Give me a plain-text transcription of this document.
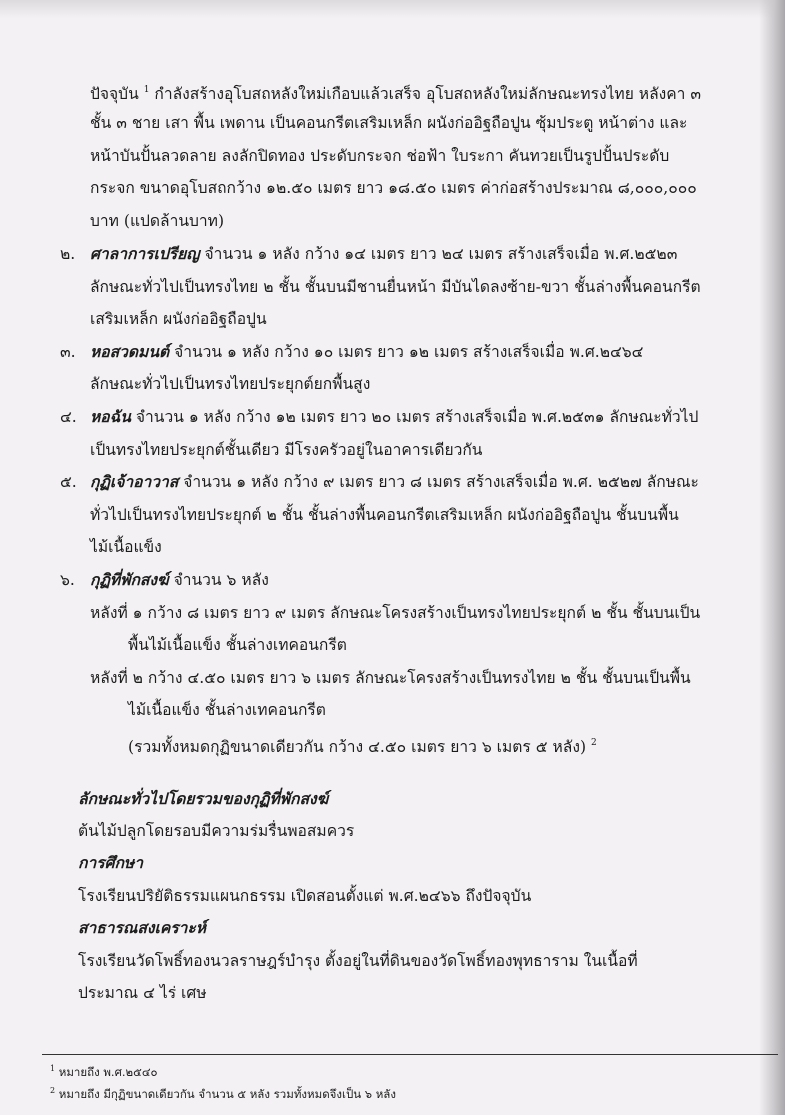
ปัจจุบัน $^1$ กำลังสร้างอุโบสถหลังใหม่เกือบแล้วเสร็จ อุโบสถหลังใหม่ลักษณะทรงไทย หลังคา ๓
ชั้น ๓ ชาย เสา พื้น เพดาน เป็นคอนกรีตเสริมเหล็ก ผนังก่ออิฐถือปูน ซุ้มประตู หน้าต่าง และ
หน้าบันปั้นลวดลาย ลงลักปิดทอง ประดับกระจก ช่อฟ้า ใบระกา คันทวยเป็นรูปปั้นประดับ
กระจก ขนาดอุโบสถกว้าง ๑๒.๕๐ เมตร ยาว ๑๘.๕๐ เมตร ค่าก่อสร้างประมาณ ๘,๐๐๐,๐๐๐
บาท (แปดล้านบาท)
๒. ศาลาการเปรียญ จำนวน ๑ หลัง กว้าง ๑๔ เมตร ยาว ๒๔ เมตร สร้างเสร็จเมื่อ พ.ศ.๒๕๒๓
ลักษณะทั่วไปเป็นทรงไทย ๒ ชั้น ชั้นบนมีชานยื่นหน้า มีบันไดลงซ้าย-ขวา ชั้นล่างพื้นคอนกรีต
เสริมเหล็ก ผนังก่ออิฐถือปูน
๓. หอสวดมนต์ จำนวน ๑ หลัง กว้าง ๑๐ เมตร ยาว ๑๒ เมตร สร้างเสร็จเมื่อ พ.ศ.๒๔๖๔
ลักษณะทั่วไปเป็นทรงไทยประยุกต์ยกพื้นสูง
๔. หอฉัน จำนวน ๑ หลัง กว้าง ๑๒ เมตร ยาว ๒๐ เมตร สร้างเสร็จเมื่อ พ.ศ.๒๕๓๑ ลักษณะทั่วไป
เป็นทรงไทยประยุกต์ชั้นเดียว มีโรงครัวอยู่ในอาคารเดียวกัน
๕. กุฏิเจ้าอาวาส จำนวน ๑ หลัง กว้าง ๙ เมตร ยาว ๘ เมตร สร้างเสร็จเมื่อ พ.ศ. ๒๕๒๗ ลักษณะ
ทั่วไปเป็นทรงไทยประยุกต์ ๒ ชั้น ชั้นล่างพื้นคอนกรีตเสริมเหล็ก ผนังก่ออิฐถือปูน ชั้นบนพื้น
ไม้เนื้อแข็ง
๖. กุฏิที่พักสงฆ์ จำนวน ๖ หลัง
หลังที่ ๑ กว้าง ๘ เมตร ยาว ๙ เมตร ลักษณะโครงสร้างเป็นทรงไทยประยุกต์ ๒ ชั้น ชั้นบนเป็น
พื้นไม้เนื้อแข็ง ชั้นล่างเทคอนกรีต
หลังที่ ๒ กว้าง ๔.๕๐ เมตร ยาว ๖ เมตร ลักษณะโครงสร้างเป็นทรงไทย ๒ ชั้น ชั้นบนเป็นพื้น
ไม้เนื้อแข็ง ชั้นล่างเทคอนกรีต
(รวมทั้งหมดกุฏิขนาดเดียวกัน กว้าง ๔.๕๐ เมตร ยาว ๖ เมตร ๕ หลัง) $^2$
ลักษณะทั่วไปโดยรวมของกุฏิที่พักสงฆ์
ต้นไม้ปลูกโดยรอบมีความร่มรื่นพอสมควร
การศึกษา
โรงเรียนปริยัติธรรมแผนกธรรม เปิดสอนตั้งแต่ พ.ศ.๒๔๖๖ ถึงปัจจุบัน
สาธารณสงเคราะห์
โรงเรียนวัดโพธิ์ทองนวลราษฎร์บำรุง ตั้งอยู่ในที่ดินของวัดโพธิ์ทองพุทธาราม ในเนื้อที่
ประมาณ ๔ ไร่ เศษ
$^1$ หมายถึง พ.ศ.๒๕๔๐
$^2$ หมายถึง มีกุฏิขนาดเดียวกัน จำนวน ๕ หลัง รวมทั้งหมดจึงเป็น ๖ หลัง
